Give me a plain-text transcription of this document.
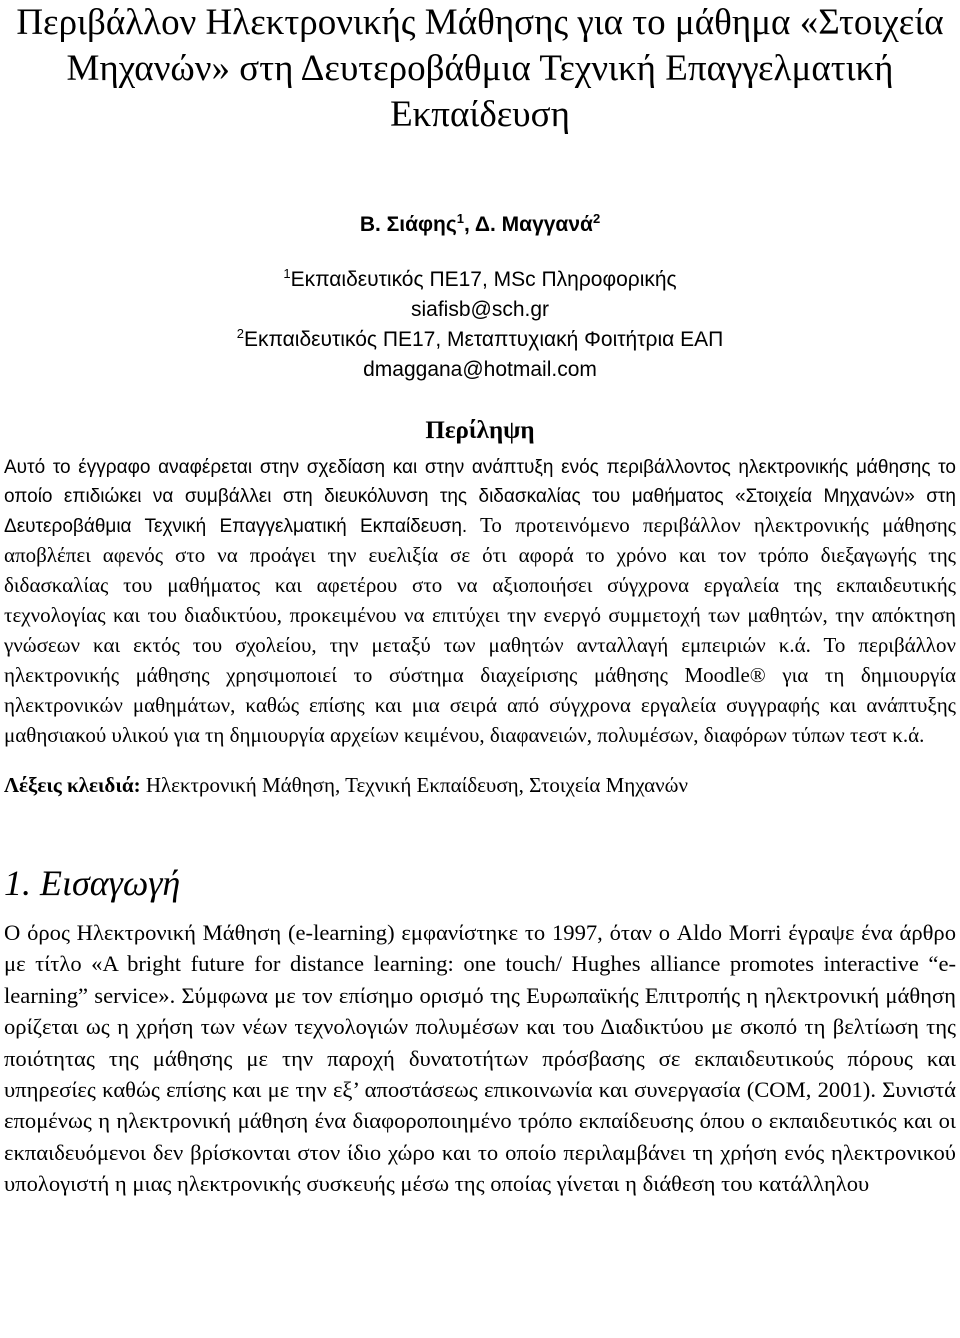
Περιβάλλον Ηλεκτρονικής Μάθησης για το μάθημα «Στοιχεία Μηχανών» στη Δευτεροβάθμια Τεχνική Επαγγελματική Εκπαίδευση
Β. Σιάφης$^1$, Δ. Μαγγανά$^2$
$^1$Εκπαιδευτικός ΠΕ17, MSc Πληροφορικής
siafisb@sch.gr
$^2$Εκπαιδευτικός ΠΕ17, Μεταπτυχιακή Φοιτήτρια ΕΑΠ
dmaggana@hotmail.com
Περίληψη
Αυτό το έγγραφο αναφέρεται στην σχεδίαση και στην ανάπτυξη ενός περιβάλλοντος ηλεκτρονικής μάθησης το οποίο επιδιώκει να συμβάλλει στη διευκόλυνση της διδασκαλίας του μαθήματος «Στοιχεία Μηχανών» στη Δευτεροβάθμια Τεχνική Επαγγελματική Εκπαίδευση. Το προτεινόμενο περιβάλλον ηλεκτρονικής μάθησης αποβλέπει αφενός στο να προάγει την ευελιξία σε ότι αφορά το χρόνο και τον τρόπο διεξαγωγής της διδασκαλίας του μαθήματος και αφετέρου στο να αξιοποιήσει σύγχρονα εργαλεία της εκπαιδευτικής τεχνολογίας και του διαδικτύου, προκειμένου να επιτύχει την ενεργό συμμετοχή των μαθητών, την απόκτηση γνώσεων και εκτός του σχολείου, την μεταξύ των μαθητών ανταλλαγή εμπειριών κ.ά. Το περιβάλλον ηλεκτρονικής μάθησης χρησιμοποιεί το σύστημα διαχείρισης μάθησης Moodle® για τη δημιουργία ηλεκτρονικών μαθημάτων, καθώς επίσης και μια σειρά από σύγχρονα εργαλεία συγγραφής και ανάπτυξης μαθησιακού υλικού για τη δημιουργία αρχείων κειμένου, διαφανειών, πολυμέσων, διαφόρων τύπων τεστ κ.ά.
Λέξεις κλειδιά: Ηλεκτρονική Μάθηση, Τεχνική Εκπαίδευση, Στοιχεία Μηχανών
1. Εισαγωγή
Ο όρος Ηλεκτρονική Μάθηση (e-learning) εμφανίστηκε το 1997, όταν ο Aldo Morri έγραψε ένα άρθρο με τίτλο «A bright future for distance learning: one touch/ Hughes alliance promotes interactive “e-learning” service». Σύμφωνα με τον επίσημο ορισμό της Ευρωπαϊκής Επιτροπής η ηλεκτρονική μάθηση ορίζεται ως η χρήση των νέων τεχνολογιών πολυμέσων και του Διαδικτύου με σκοπό τη βελτίωση της ποιότητας της μάθησης με την παροχή δυνατοτήτων πρόσβασης σε εκπαιδευτικούς πόρους και υπηρεσίες καθώς επίσης και με την εξ’ αποστάσεως επικοινωνία και συνεργασία (COM, 2001). Συνιστά επομένως η ηλεκτρονική μάθηση ένα διαφοροποιημένο τρόπο εκπαίδευσης όπου ο εκπαιδευτικός και οι εκπαιδευόμενοι δεν βρίσκονται στον ίδιο χώρο και το οποίο περιλαμβάνει τη χρήση ενός ηλεκτρονικού υπολογιστή η μιας ηλεκτρονικής συσκευής μέσω της οποίας γίνεται η διάθεση του κατάλληλου
